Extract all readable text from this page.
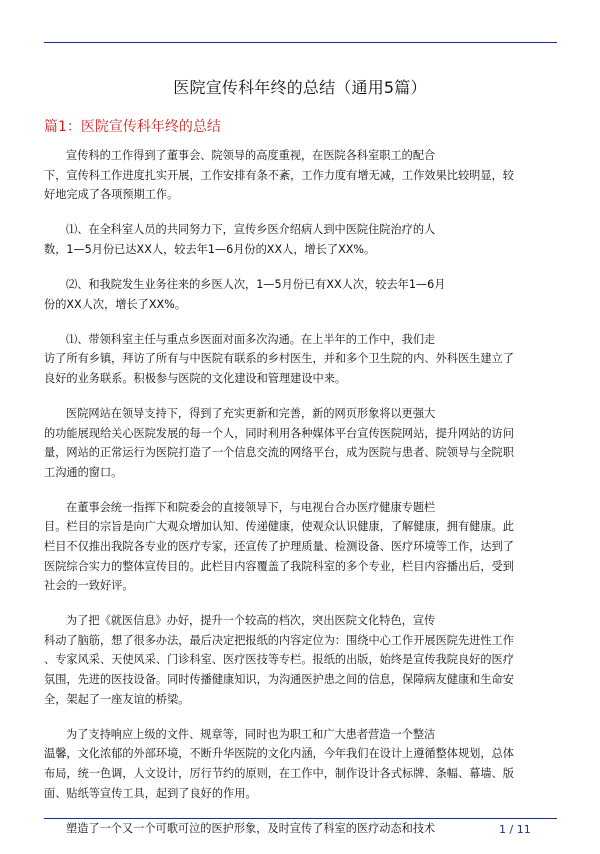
医院宣传科年终的总结（通用5篇）
篇1：医院宣传科年终的总结
宣传科的工作得到了董事会、院领导的高度重视，在医院各科室职工的配合
下，宣传科工作进度扎实开展，工作安排有条不紊，工作力度有增无减，工作效果比较明显，较
好地完成了各项预期工作。
⑴、在全科室人员的共同努力下，宣传乡医介绍病人到中医院住院治疗的人
数，1—5月份已达XX人，较去年1—6月份的XX人，增长了XX%。
⑵、和我院发生业务往来的乡医人次，1—5月份已有XX人次，较去年1—6月
份的XX人次，增长了XX%。
⑴、带领科室主任与重点乡医面对面多次沟通。在上半年的工作中，我们走
访了所有乡镇，拜访了所有与中医院有联系的乡村医生，并和多个卫生院的内、外科医生建立了
良好的业务联系。积极参与医院的文化建设和管理建设中来。
医院网站在领导支持下，得到了充实更新和完善，新的网页形象将以更强大
的功能展现给关心医院发展的每一个人，同时利用各种媒体平台宣传医院网站，提升网站的访问
量，网站的正常运行为医院打造了一个信息交流的网络平台，成为医院与患者、院领导与全院职
工沟通的窗口。
在董事会统一指挥下和院委会的直接领导下，与电视台合办医疗健康专题栏
目。栏目的宗旨是向广大观众增加认知、传递健康，使观众认识健康，了解健康，拥有健康。此
栏目不仅推出我院各专业的医疗专家，还宣传了护理质量、检测设备、医疗环境等工作，达到了
医院综合实力的整体宣传目的。此栏目内容覆盖了我院科室的多个专业，栏目内容播出后，受到
社会的一致好评。
为了把《就医信息》办好，提升一个较高的档次，突出医院文化特色，宣传
科动了脑筋，想了很多办法，最后决定把报纸的内容定位为：围绕中心工作开展医院先进性工作
、专家风采、天使风采、门诊科室、医疗医技等专栏。报纸的出版，始终是宣传我院良好的医疗
氛围，先进的医技设备。同时传播健康知识，为沟通医护患之间的信息，保障病友健康和生命安
全，架起了一座友谊的桥梁。
为了支持响应上级的文件、规章等，同时也为职工和广大患者营造一个整洁
温馨，文化浓郁的外部环境，不断升华医院的文化内涵，今年我们在设计上遵循整体规划，总体
布局，统一色调，人文设计，厉行节约的原则，在工作中，制作设计各式标牌、条幅、幕墙、版
面、贴纸等宣传工具，起到了良好的作用。
塑造了一个又一个可歌可泣的医护形象，及时宣传了科室的医疗动态和技术	1 / 11
